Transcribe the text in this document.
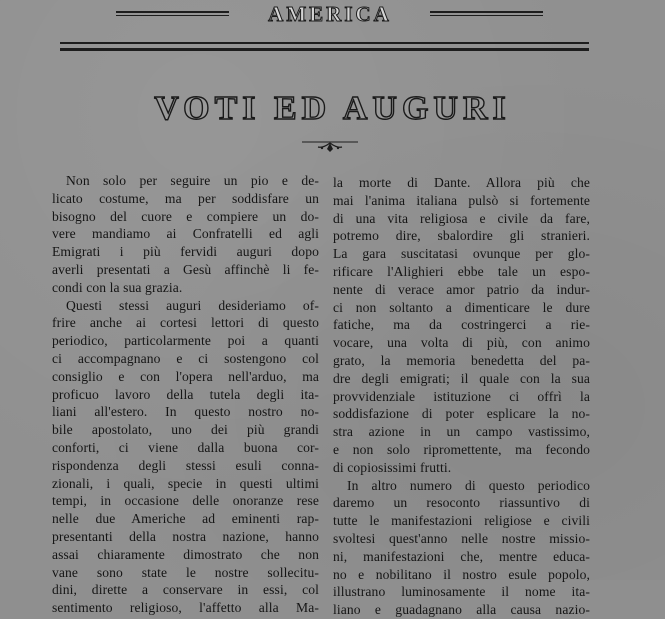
AMERICA
VOTI ED AUGURI
Non solo per seguire un pio e de-
licato costume, ma per soddisfare un
bisogno del cuore e compiere un do-
vere mandiamo ai Confratelli ed agli
Emigrati i più fervidi auguri dopo
averli presentati a Gesù affinchè li fe-
condi con la sua grazia.
Questi stessi auguri desideriamo of-
frire anche ai cortesi lettori di questo
periodico, particolarmente poi a quanti
ci accompagnano e ci sostengono col
consiglio e con l'opera nell'arduo, ma
proficuo lavoro della tutela degli ita-
liani all'estero. In questo nostro no-
bile apostolato, uno dei più grandi
conforti, ci viene dalla buona cor-
rispondenza degli stessi esuli conna-
zionali, i quali, specie in questi ultimi
tempi, in occasione delle onoranze rese
nelle due Americhe ad eminenti rap-
presentanti della nostra nazione, hanno
assai chiaramente dimostrato che non
vane sono state le nostre sollecitu-
dini, dirette a conservare in essi, col
sentimento religioso, l'affetto alla Ma-
la morte di Dante. Allora più che
mai l'anima italiana pulsò si fortemente
di una vita religiosa e civile da fare,
potremo dire, sbalordire gli stranieri.
La gara suscitatasi ovunque per glo-
rificare l'Alighieri ebbe tale un espo-
nente di verace amor patrio da indur-
ci non soltanto a dimenticare le dure
fatiche, ma da costringerci a rie-
vocare, una volta di più, con animo
grato, la memoria benedetta del pa-
dre degli emigrati; il quale con la sua
provvidenziale istituzione ci offrì la
soddisfazione di poter esplicare la no-
stra azione in un campo vastissimo,
e non solo ripromettente, ma fecondo
di copiosissimi frutti.
In altro numero di questo periodico
daremo un resoconto riassuntivo di
tutte le manifestazioni religiose e civili
svoltesi quest'anno nelle nostre missio-
ni, manifestazioni che, mentre educa-
no e nobilitano il nostro esule popolo,
illustrano luminosamente il nome ita-
liano e guadagnano alla causa nazio-
